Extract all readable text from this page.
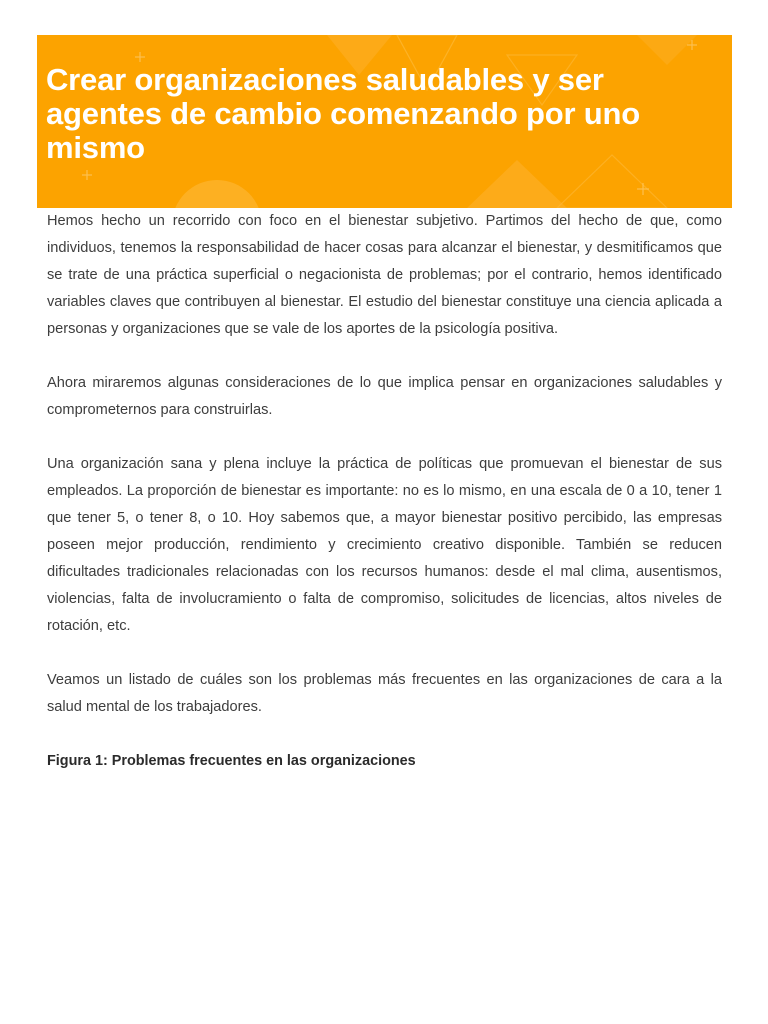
Crear organizaciones saludables y ser agentes de cambio comenzando por uno mismo

Hemos hecho un recorrido con foco en el bienestar subjetivo. Partimos del hecho de que, como individuos, tenemos la responsabilidad de hacer cosas para alcanzar el bienestar, y desmitificamos que se trate de una práctica superficial o negacionista de problemas; por el contrario, hemos identificado variables claves que contribuyen al bienestar. El estudio del bienestar constituye una ciencia aplicada a personas y organizaciones que se vale de los aportes de la psicología positiva.

Ahora miraremos algunas consideraciones de lo que implica pensar en organizaciones saludables y comprometernos para construirlas.

Una organización sana y plena incluye la práctica de políticas que promuevan el bienestar de sus empleados. La proporción de bienestar es importante: no es lo mismo, en una escala de 0 a 10, tener 1 que tener 5, o tener 8, o 10. Hoy sabemos que, a mayor bienestar positivo percibido, las empresas poseen mejor producción, rendimiento y crecimiento creativo disponible. También se reducen dificultades tradicionales relacionadas con los recursos humanos: desde el mal clima, ausentismos, violencias, falta de involucramiento o falta de compromiso, solicitudes de licencias, altos niveles de rotación, etc.

Veamos un listado de cuáles son los problemas más frecuentes en las organizaciones de cara a la salud mental de los trabajadores.

Figura 1: Problemas frecuentes en las organizaciones
